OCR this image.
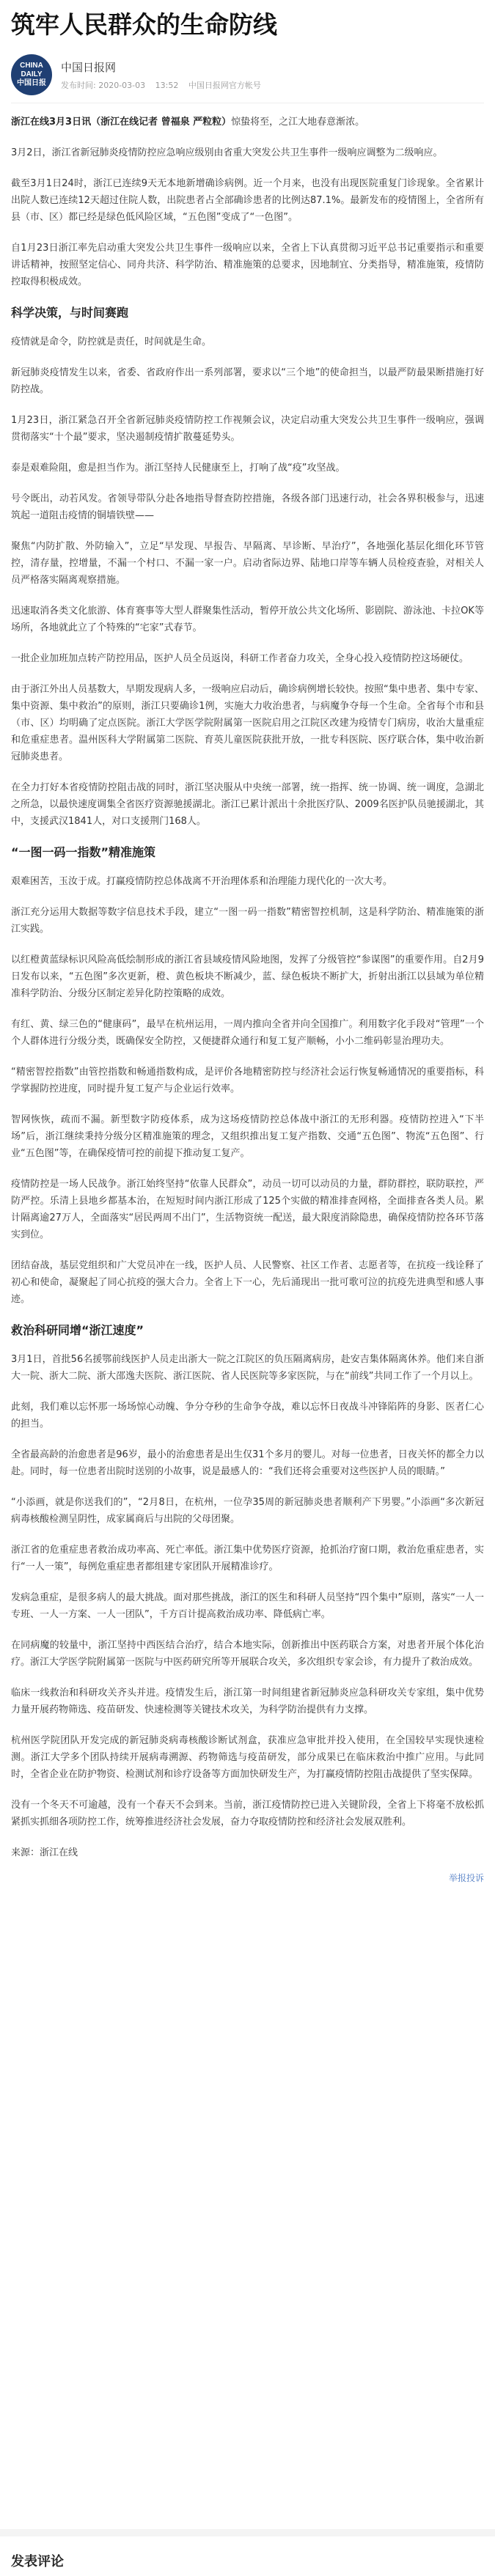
筑牢人民群众的生命防线
CHINA
DAILY
中国日报
中国日报网
发布时间: 2020-03-03 13:52 中国日报网官方帐号

浙江在线3月3日讯（浙江在线记者 曾福泉 严粒粒）惊蛰将至，之江大地春意渐浓。

3月2日，浙江省新冠肺炎疫情防控应急响应级别由省重大突发公共卫生事件一级响应调整为二级响应。

截至3月1日24时，浙江已连续9天无本地新增确诊病例。近一个月来，也没有出现医院重复门诊现象。全省累计出院人数已连续12天超过住院人数，出院患者占全部确诊患者的比例达87.1%。最新发布的疫情图上，全省所有县（市、区）都已经是绿色低风险区域，“五色图”变成了“一色图”。

自1月23日浙江率先启动重大突发公共卫生事件一级响应以来，全省上下认真贯彻习近平总书记重要指示和重要讲话精神，按照坚定信心、同舟共济、科学防治、精准施策的总要求，因地制宜、分类指导，精准施策，疫情防控取得积极成效。

科学决策，与时间赛跑

疫情就是命令，防控就是责任，时间就是生命。

新冠肺炎疫情发生以来，省委、省政府作出一系列部署，要求以“三个地”的使命担当，以最严防最果断措施打好防控战。

1月23日，浙江紧急召开全省新冠肺炎疫情防控工作视频会议，决定启动重大突发公共卫生事件一级响应，强调贯彻落实“十个最”要求，坚决遏制疫情扩散蔓延势头。

泰是艰难险阻，愈是担当作为。浙江坚持人民健康至上，打响了战“疫”攻坚战。

号令既出，动若风发。省领导带队分赴各地指导督查防控措施，各级各部门迅速行动，社会各界积极参与，迅速筑起一道阻击疫情的铜墙铁壁——

聚焦“内防扩散、外防输入”，立足“早发现、早报告、早隔离、早诊断、早治疗”，各地强化基层化细化环节管控，清存量，控增量，不漏一个村口、不漏一家一户。启动省际边界、陆地口岸等车辆人员检疫查验，对相关人员严格落实隔离观察措施。

迅速取消各类文化旅游、体育赛事等大型人群聚集性活动，暂停开放公共文化场所、影剧院、游泳池、卡拉OK等场所，各地就此立了个特殊的“宅家”式春节。

一批企业加班加点转产防控用品，医护人员全员返岗，科研工作者奋力攻关，全身心投入疫情防控这场硬仗。

由于浙江外出人员基数大，早期发现病人多，一级响应启动后，确诊病例增长较快。按照“集中患者、集中专家、集中资源、集中救治”的原则，浙江只要确诊1例，实施大力收治患者，与病魔争夺每一个生命。全省每个市和县（市、区）均明确了定点医院。浙江大学医学院附属第一医院启用之江院区改建为疫情专门病房，收治大量重症和危重症患者。温州医科大学附属第二医院、育英儿童医院获批开放，一批专科医院、医疗联合体，集中收治新冠肺炎患者。

在全力打好本省疫情防控阻击战的同时，浙江坚决服从中央统一部署，统一指挥、统一协调、统一调度，急湖北之所急，以最快速度调集全省医疗资源驰援湖北。浙江已累计派出十余批医疗队、2009名医护队员驰援湖北，其中，支援武汉1841人，对口支援荆门168人。

“一图一码一指数”精准施策

艰难困苦，玉汝于成。打赢疫情防控总体战离不开治理体系和治理能力现代化的一次大考。

浙江充分运用大数据等数字信息技术手段，建立“一图一码一指数”精密智控机制，这是科学防治、精准施策的浙江实践。

以红橙黄蓝绿标识风险高低绘制形成的浙江省县域疫情风险地图，发挥了分级管控“参谋图”的重要作用。自2月9日发布以来，“五色图”多次更新，橙、黄色板块不断减少，蓝、绿色板块不断扩大，折射出浙江以县域为单位精准科学防治、分级分区制定差异化防控策略的成效。

有红、黄、绿三色的“健康码”，最早在杭州运用，一周内推向全省并向全国推广。利用数字化手段对“管理”一个个人群体进行分级分类，既确保安全防控，又便捷群众通行和复工复产顺畅，小小二维码彰显治理功夫。

“精密智控指数”由管控指数和畅通指数构成，是评价各地精密防控与经济社会运行恢复畅通情况的重要指标，科学掌握防控进度，同时提升复工复产与企业运行效率。

智网恢恢，疏而不漏。新型数字防疫体系，成为这场疫情防控总体战中浙江的无形利器。疫情防控进入“下半场”后，浙江继续秉持分级分区精准施策的理念，又组织推出复工复产指数、交通“五色图”、物流“五色图”、行业“五色图”等，在确保疫情可控的前提下推动复工复产。

疫情防控是一场人民战争。浙江始终坚持“依靠人民群众”，动员一切可以动员的力量，群防群控，联防联控，严防严控。乐清上县地乡都基本治，在短短时间内浙江形成了125个实做的精准排查网格，全面排查各类人员。累计隔离逾27万人，全面落实“居民两周不出门”，生活物资统一配送，最大限度消除隐患，确保疫情防控各环节落实到位。

团结奋战，基层党组织和广大党员冲在一线，医护人员、人民警察、社区工作者、志愿者等，在抗疫一线诠释了初心和使命，凝聚起了同心抗疫的强大合力。全省上下一心，先后涌现出一批可歌可泣的抗疫先进典型和感人事迹。

救治科研同增“浙江速度”

3月1日，首批56名援鄂前线医护人员走出浙大一院之江院区的负压隔离病房，赴安吉集体隔离休养。他们来自浙大一院、浙大二院、浙大邵逸夫医院、浙江医院、省人民医院等多家医院，与在“前线”共同工作了一个月以上。

此刻，我们难以忘怀那一场场惊心动魄、争分夺秒的生命争夺战，难以忘怀日夜战斗冲锋陷阵的身影、医者仁心的担当。

全省最高龄的治愈患者是96岁，最小的治愈患者是出生仅31个多月的婴儿。对每一位患者，日夜关怀的都全力以赴。同时，每一位患者出院时送别的小故事，说是最感人的：“我们还将会重要对这些医护人员的眼睛。”

“小添画，就是你送我们的”，“2月8日，在杭州，一位孕35周的新冠肺炎患者顺利产下男婴。”小添画“多次新冠病毒核酸检测呈阴性，成家属商后与出院的父母团聚。

浙江省的危重症患者救治成功率高、死亡率低。浙江集中优势医疗资源，抢抓治疗窗口期，救治危重症患者，实行“一人一策”，每例危重症患者都组建专家团队开展精准诊疗。

发病急重症，是很多病人的最大挑战。面对那些挑战，浙江的医生和科研人员坚持“四个集中”原则，落实“一人一专班、一人一方案、一人一团队”，千方百计提高救治成功率、降低病亡率。

在同病魔的较量中，浙江坚持中西医结合治疗，结合本地实际，创新推出中医药联合方案，对患者开展个体化治疗。浙江大学医学院附属第一医院与中医药研究所等开展联合攻关，多次组织专家会诊，有力提升了救治成效。

临床一线救治和科研攻关齐头并进。疫情发生后，浙江第一时间组建省新冠肺炎应急科研攻关专家组，集中优势力量开展药物筛选、疫苗研发、快速检测等关键技术攻关，为科学防治提供有力支撑。

杭州医学院团队开发完成的新冠肺炎病毒核酸诊断试剂盒，获准应急审批并投入使用，在全国较早实现快速检测。浙江大学多个团队持续开展病毒溯源、药物筛选与疫苗研发，部分成果已在临床救治中推广应用。与此同时，全省企业在防护物资、检测试剂和诊疗设备等方面加快研发生产，为打赢疫情防控阻击战提供了坚实保障。

没有一个冬天不可逾越，没有一个春天不会到来。当前，浙江疫情防控已进入关键阶段，全省上下将毫不放松抓紧抓实抓细各项防控工作，统筹推进经济社会发展，奋力夺取疫情防控和经济社会发展双胜利。

来源：浙江在线

举报投诉
发表评论
